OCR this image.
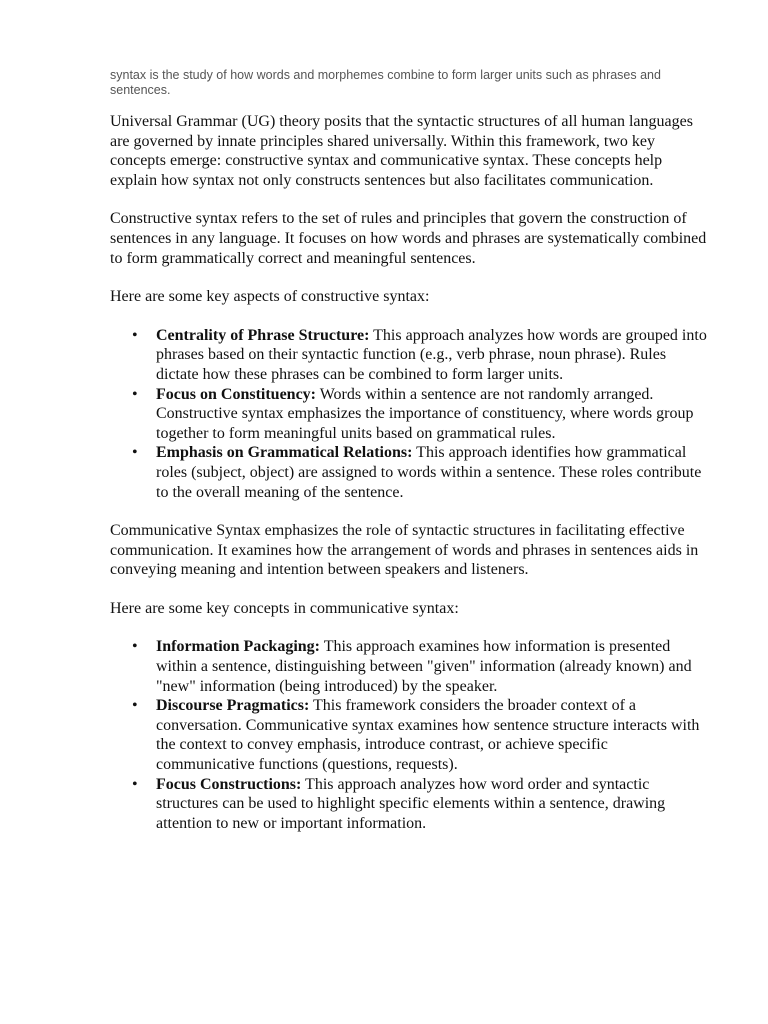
syntax is the study of how words and morphemes combine to form larger units such as phrases and sentences.

Universal Grammar (UG) theory posits that the syntactic structures of all human languages are governed by innate principles shared universally. Within this framework, two key concepts emerge: constructive syntax and communicative syntax. These concepts help explain how syntax not only constructs sentences but also facilitates communication.

Constructive syntax refers to the set of rules and principles that govern the construction of sentences in any language. It focuses on how words and phrases are systematically combined to form grammatically correct and meaningful sentences.

Here are some key aspects of constructive syntax:

• Centrality of Phrase Structure: This approach analyzes how words are grouped into phrases based on their syntactic function (e.g., verb phrase, noun phrase). Rules dictate how these phrases can be combined to form larger units.
• Focus on Constituency: Words within a sentence are not randomly arranged. Constructive syntax emphasizes the importance of constituency, where words group together to form meaningful units based on grammatical rules.
• Emphasis on Grammatical Relations: This approach identifies how grammatical roles (subject, object) are assigned to words within a sentence. These roles contribute to the overall meaning of the sentence.

Communicative Syntax emphasizes the role of syntactic structures in facilitating effective communication. It examines how the arrangement of words and phrases in sentences aids in conveying meaning and intention between speakers and listeners.

Here are some key concepts in communicative syntax:

• Information Packaging: This approach examines how information is presented within a sentence, distinguishing between "given" information (already known) and "new" information (being introduced) by the speaker.
• Discourse Pragmatics: This framework considers the broader context of a conversation. Communicative syntax examines how sentence structure interacts with the context to convey emphasis, introduce contrast, or achieve specific communicative functions (questions, requests).
• Focus Constructions: This approach analyzes how word order and syntactic structures can be used to highlight specific elements within a sentence, drawing attention to new or important information.
